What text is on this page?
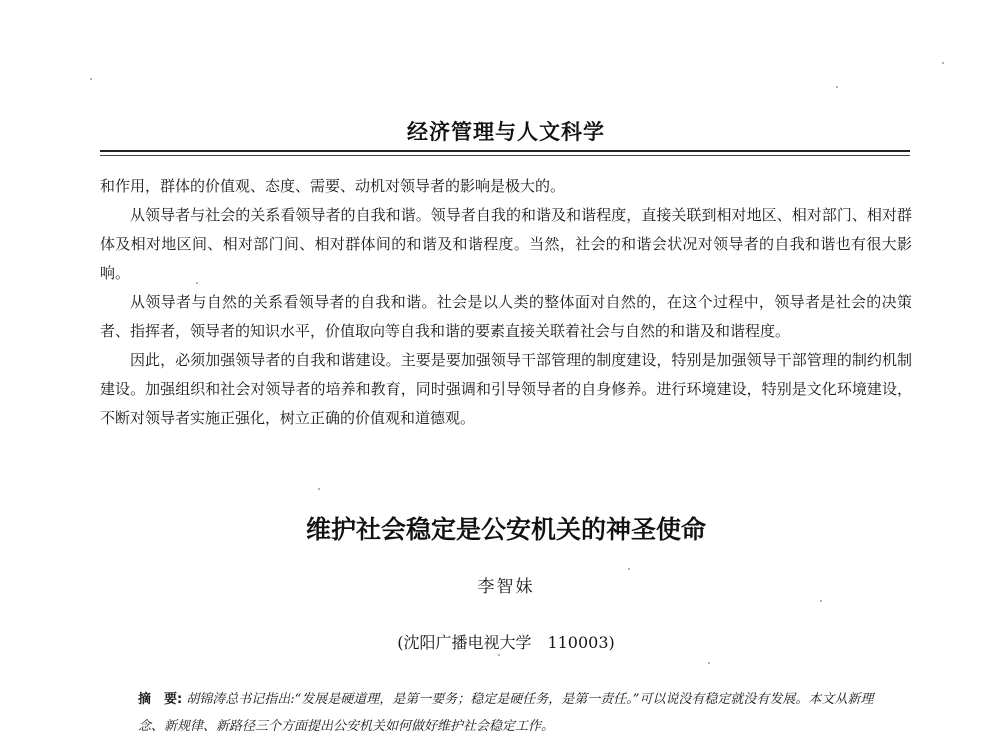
经济管理与人文科学

和作用，群体的价值观、态度、需要、动机对领导者的影响是极大的。

从领导者与社会的关系看领导者的自我和谐。领导者自我的和谐及和谐程度，直接关联到相对地区、相对部门、相对群体及相对地区间、相对部门间、相对群体间的和谐及和谐程度。当然，社会的和谐会状况对领导者的自我和谐也有很大影响。

从领导者与自然的关系看领导者的自我和谐。社会是以人类的整体面对自然的，在这个过程中，领导者是社会的决策者、指挥者，领导者的知识水平，价值取向等自我和谐的要素直接关联着社会与自然的和谐及和谐程度。

因此，必须加强领导者的自我和谐建设。主要是要加强领导干部管理的制度建设，特别是加强领导干部管理的制约机制建设。加强组织和社会对领导者的培养和教育，同时强调和引导领导者的自身修养。进行环境建设，特别是文化环境建设，不断对领导者实施正强化，树立正确的价值观和道德观。

维护社会稳定是公安机关的神圣使命
李智妹
(沈阳广播电视大学　110003)
摘　要: 胡锦涛总书记指出:“发展是硬道理，是第一要务；稳定是硬任务，是第一责任。”可以说没有稳定就没有发展。本文从新理念、新规律、新路径三个方面提出公安机关如何做好维护社会稳定工作。
